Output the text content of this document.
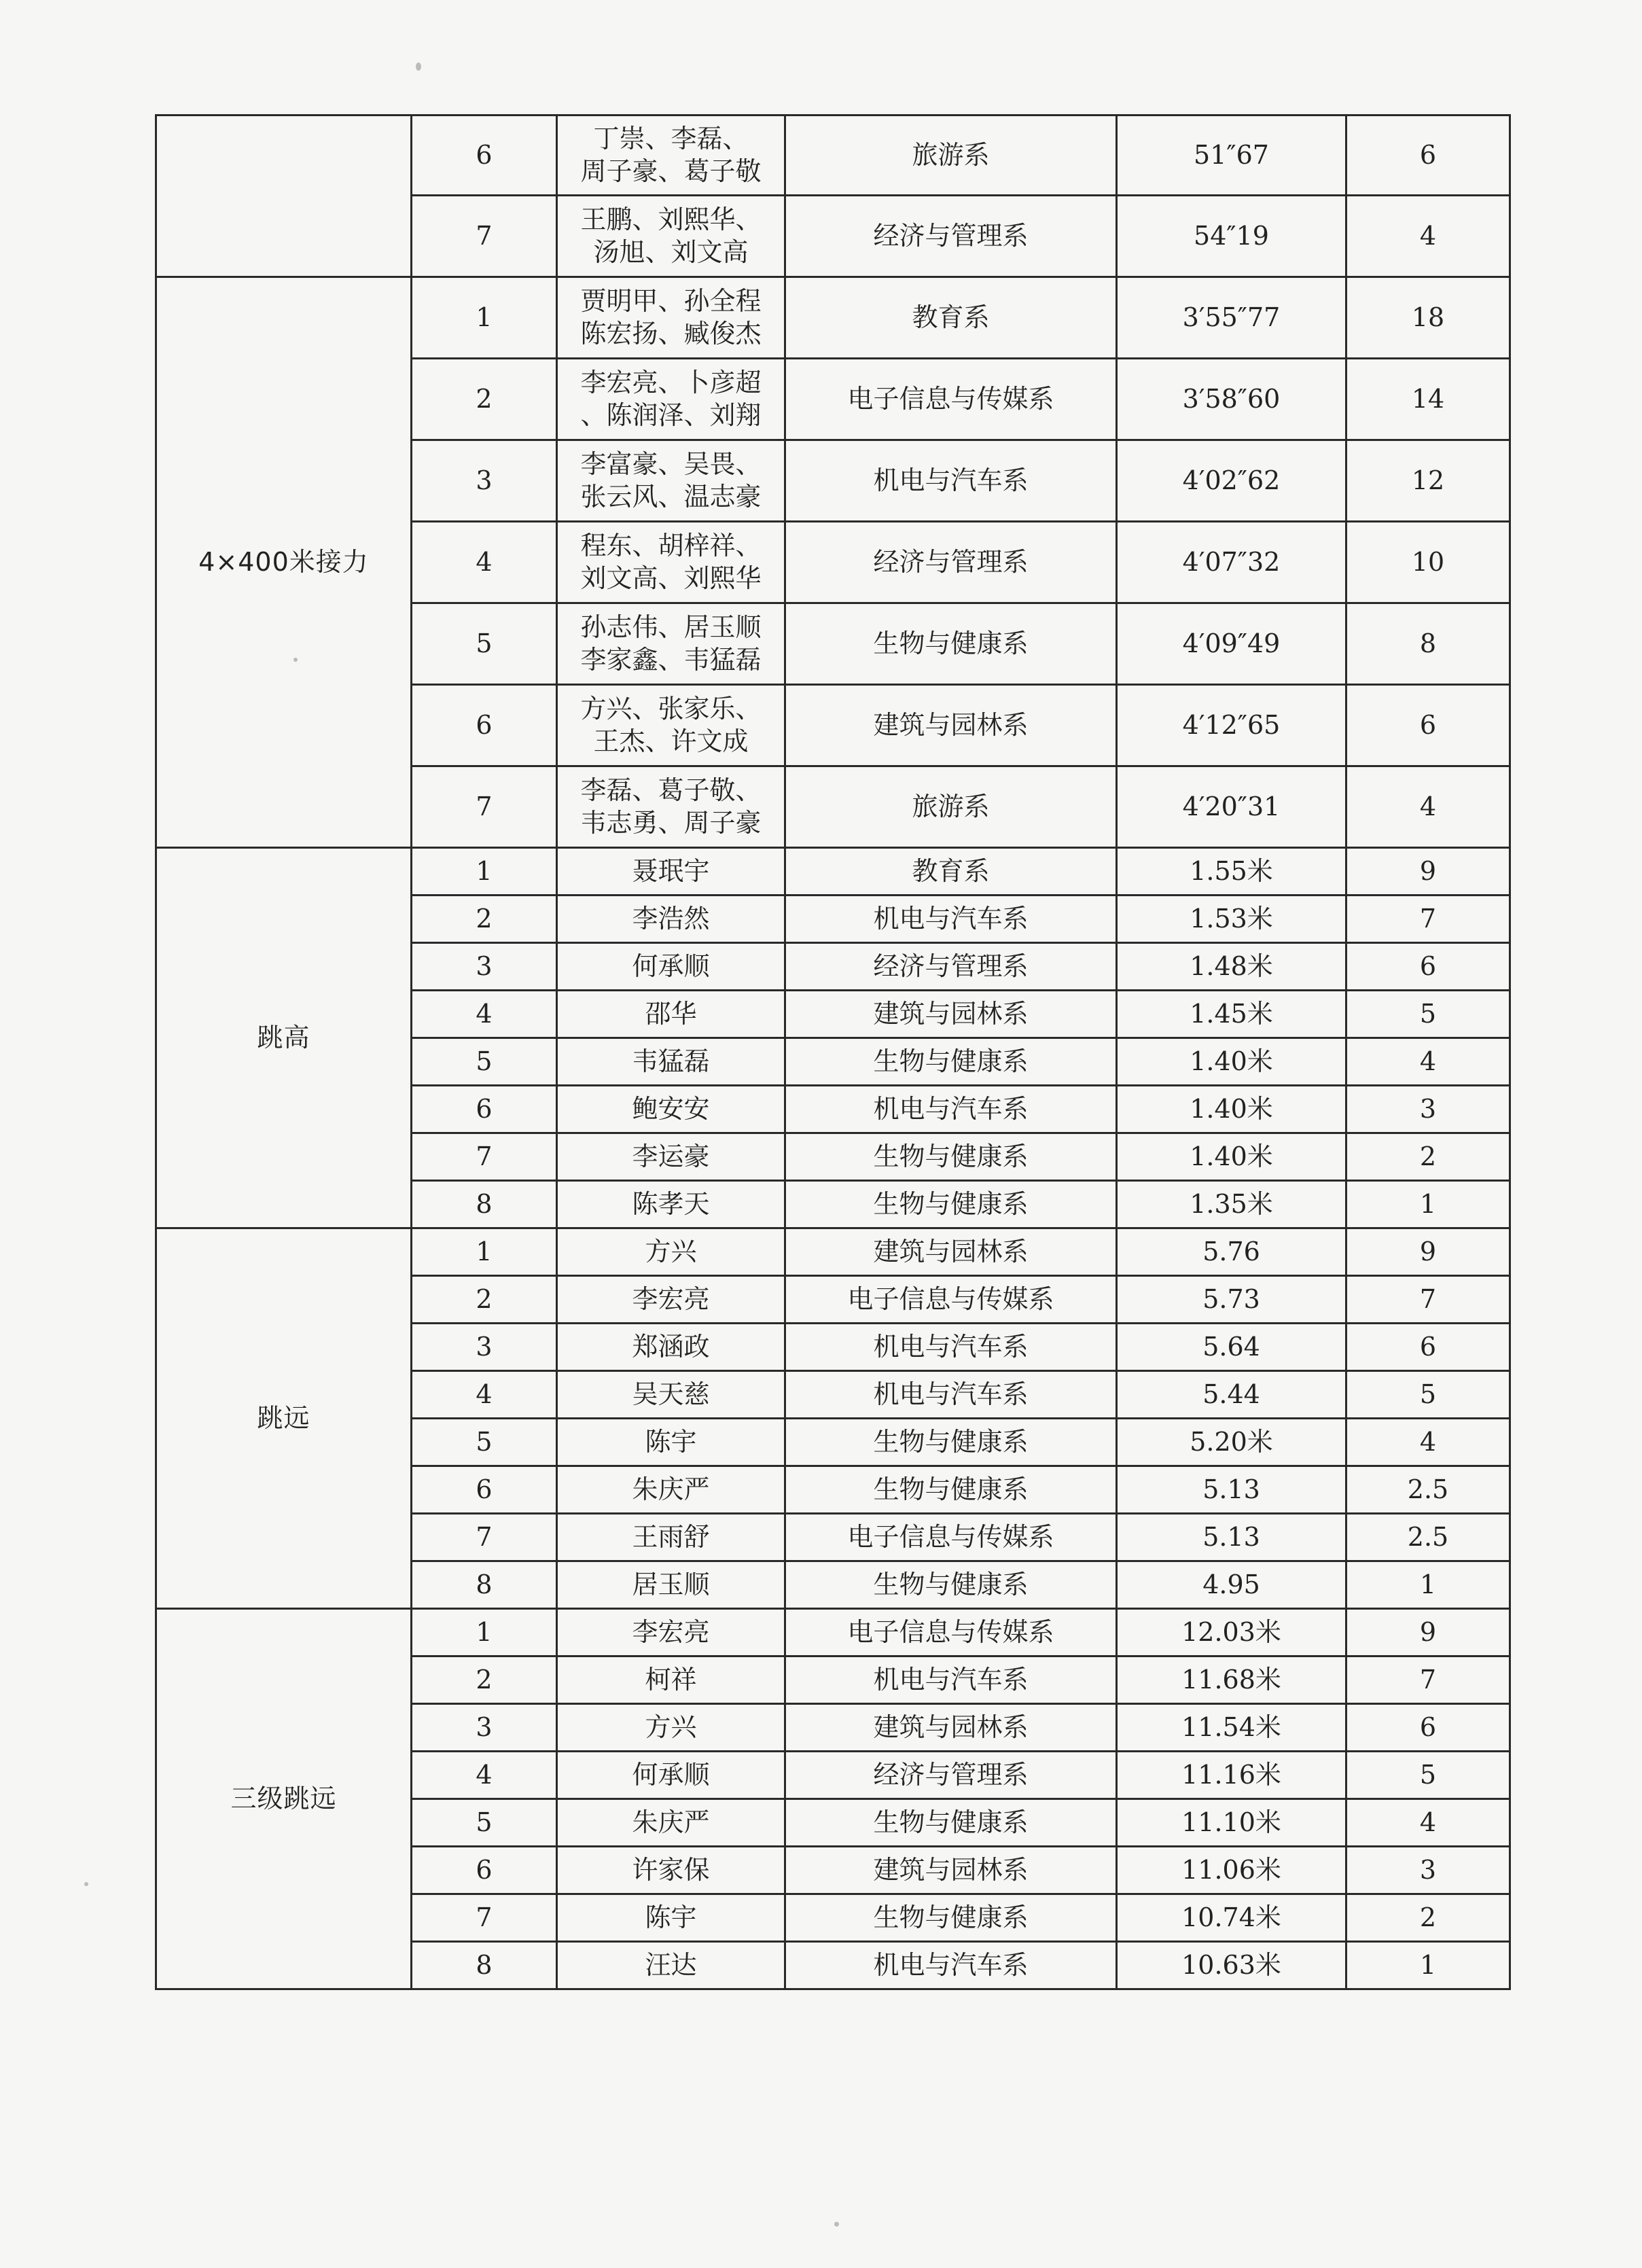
	6	丁崇、李磊、
周子豪、葛子敬	旅游系	51″67	6
	7	王鹏、刘熙华、
汤旭、刘文高	经济与管理系	54″19	4
4×400米接力	1	贾明甲、孙全程
陈宏扬、臧俊杰	教育系	3′55″77	18
	2	李宏亮、卜彦超
、陈润泽、刘翔	电子信息与传媒系	3′58″60	14
	3	李富豪、吴畏、
张云风、温志豪	机电与汽车系	4′02″62	12
	4	程东、胡梓祥、
刘文高、刘熙华	经济与管理系	4′07″32	10
	5	孙志伟、居玉顺
李家鑫、韦猛磊	生物与健康系	4′09″49	8
	6	方兴、张家乐、
王杰、许文成	建筑与园林系	4′12″65	6
	7	李磊、葛子敬、
韦志勇、周子豪	旅游系	4′20″31	4
跳高	1	聂珉宇	教育系	1.55米	9
	2	李浩然	机电与汽车系	1.53米	7
	3	何承顺	经济与管理系	1.48米	6
	4	邵华	建筑与园林系	1.45米	5
	5	韦猛磊	生物与健康系	1.40米	4
	6	鲍安安	机电与汽车系	1.40米	3
	7	李运豪	生物与健康系	1.40米	2
	8	陈孝天	生物与健康系	1.35米	1
跳远	1	方兴	建筑与园林系	5.76	9
	2	李宏亮	电子信息与传媒系	5.73	7
	3	郑涵政	机电与汽车系	5.64	6
	4	吴天慈	机电与汽车系	5.44	5
	5	陈宇	生物与健康系	5.20米	4
	6	朱庆严	生物与健康系	5.13	2.5
	7	王雨舒	电子信息与传媒系	5.13	2.5
	8	居玉顺	生物与健康系	4.95	1
三级跳远	1	李宏亮	电子信息与传媒系	12.03米	9
	2	柯祥	机电与汽车系	11.68米	7
	3	方兴	建筑与园林系	11.54米	6
	4	何承顺	经济与管理系	11.16米	5
	5	朱庆严	生物与健康系	11.10米	4
	6	许家保	建筑与园林系	11.06米	3
	7	陈宇	生物与健康系	10.74米	2
	8	汪达	机电与汽车系	10.63米	1
